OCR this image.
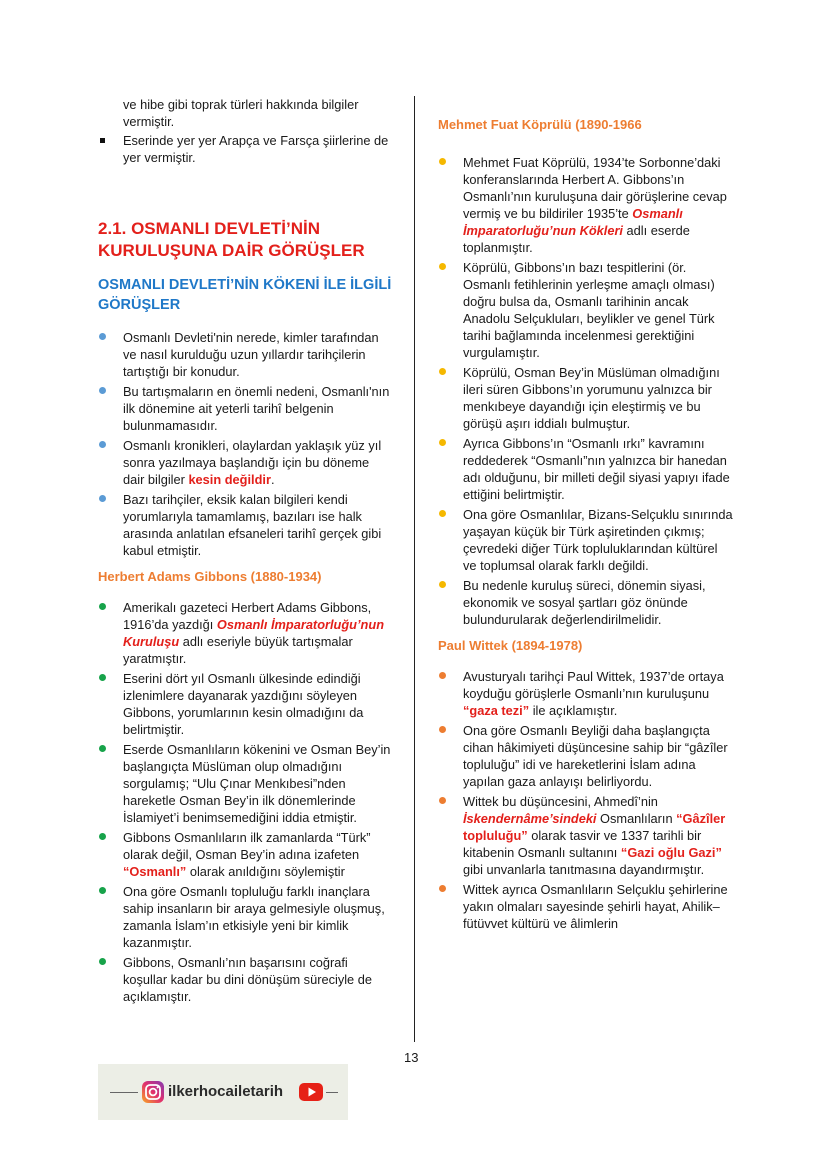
ve hibe gibi toprak türleri hakkında bilgiler vermiştir.

Eserinde yer yer Arapça ve Farsça şiirlerine de yer vermiştir.
2.1. OSMANLI DEVLETİ’NİN KURULUŞUNA DAİR GÖRÜŞLER
OSMANLI DEVLETİ’NİN KÖKENİ İLE İLGİLİ GÖRÜŞLER
Osmanlı Devleti'nin nerede, kimler tarafından ve nasıl kurulduğu uzun yıllardır tarihçilerin tartıştığı bir konudur.
Bu tartışmaların en önemli nedeni, Osmanlı'nın ilk dönemine ait yeterli tarihî belgenin bulunmamasıdır.
Osmanlı kronikleri, olaylardan yaklaşık yüz yıl sonra yazılmaya başlandığı için bu döneme dair bilgiler kesin değildir.
Bazı tarihçiler, eksik kalan bilgileri kendi yorumlarıyla tamamlamış, bazıları ise halk arasında anlatılan efsaneleri tarihî gerçek gibi kabul etmiştir.
Herbert Adams Gibbons (1880-1934)
Amerikalı gazeteci Herbert Adams Gibbons, 1916’da yazdığı Osmanlı İmparatorluğu’nun Kuruluşu adlı eseriyle büyük tartışmalar yaratmıştır.
Eserini dört yıl Osmanlı ülkesinde edindiği izlenimlere dayanarak yazdığını söyleyen Gibbons, yorumlarının kesin olmadığını da belirtmiştir.
Eserde Osmanlıların kökenini ve Osman Bey’in başlangıçta Müslüman olup olmadığını sorgulamış; “Ulu Çınar Menkıbesi”nden hareketle Osman Bey’in ilk dönemlerinde İslamiyet’i benimsemediğini iddia etmiştir.
Gibbons Osmanlıların ilk zamanlarda “Türk” olarak değil, Osman Bey’in adına izafeten “Osmanlı” olarak anıldığını söylemiştir
Ona göre Osmanlı topluluğu farklı inançlara sahip insanların bir araya gelmesiyle oluşmuş, zamanla İslam’ın etkisiyle yeni bir kimlik kazanmıştır.
Gibbons, Osmanlı’nın başarısını coğrafi koşullar kadar bu dini dönüşüm süreciyle de açıklamıştır.
Mehmet Fuat Köprülü (1890-1966
Mehmet Fuat Köprülü, 1934’te Sorbonne’daki konferanslarında Herbert A. Gibbons’ın Osmanlı’nın kuruluşuna dair görüşlerine cevap vermiş ve bu bildiriler 1935’te Osmanlı İmparatorluğu’nun Kökleri adlı eserde toplanmıştır.
Köprülü, Gibbons’ın bazı tespitlerini (ör. Osmanlı fetihlerinin yerleşme amaçlı olması) doğru bulsa da, Osmanlı tarihinin ancak Anadolu Selçukluları, beylikler ve genel Türk tarihi bağlamında incelenmesi gerektiğini vurgulamıştır.
Köprülü, Osman Bey’in Müslüman olmadığını ileri süren Gibbons’ın yorumunu yalnızca bir menkıbeye dayandığı için eleştirmiş ve bu görüşü aşırı iddialı bulmuştur.
Ayrıca Gibbons’ın “Osmanlı ırkı” kavramını reddederek “Osmanlı”nın yalnızca bir hanedan adı olduğunu, bir milleti değil siyasi yapıyı ifade ettiğini belirtmiştir.
Ona göre Osmanlılar, Bizans-Selçuklu sınırında yaşayan küçük bir Türk aşiretinden çıkmış; çevredeki diğer Türk topluluklarından kültürel ve toplumsal olarak farklı değildi.
Bu nedenle kuruluş süreci, dönemin siyasi, ekonomik ve sosyal şartları göz önünde bulundurularak değerlendirilmelidir.
Paul Wittek (1894-1978)
Avusturyalı tarihçi Paul Wittek, 1937’de ortaya koyduğu görüşlerle Osmanlı’nın kuruluşunu “gaza tezi” ile açıklamıştır.
Ona göre Osmanlı Beyliği daha başlangıçta cihan hâkimiyeti düşüncesine sahip bir “gâzîler topluluğu” idi ve hareketlerini İslam adına yapılan gaza anlayışı belirliyordu.
Wittek bu düşüncesini, Ahmedî’nin İskendernâme’sindeki Osmanlıların “Gâzîler topluluğu” olarak tasvir ve 1337 tarihli bir kitabenin Osmanlı sultanını “Gazi oğlu Gazi” gibi unvanlarla tanıtmasına dayandırmıştır.
Wittek ayrıca Osmanlıların Selçuklu şehirlerine yakın olmaları sayesinde şehirli hayat, Ahilik–fütüvvet kültürü ve âlimlerin
13
ilkerhocailetarih
